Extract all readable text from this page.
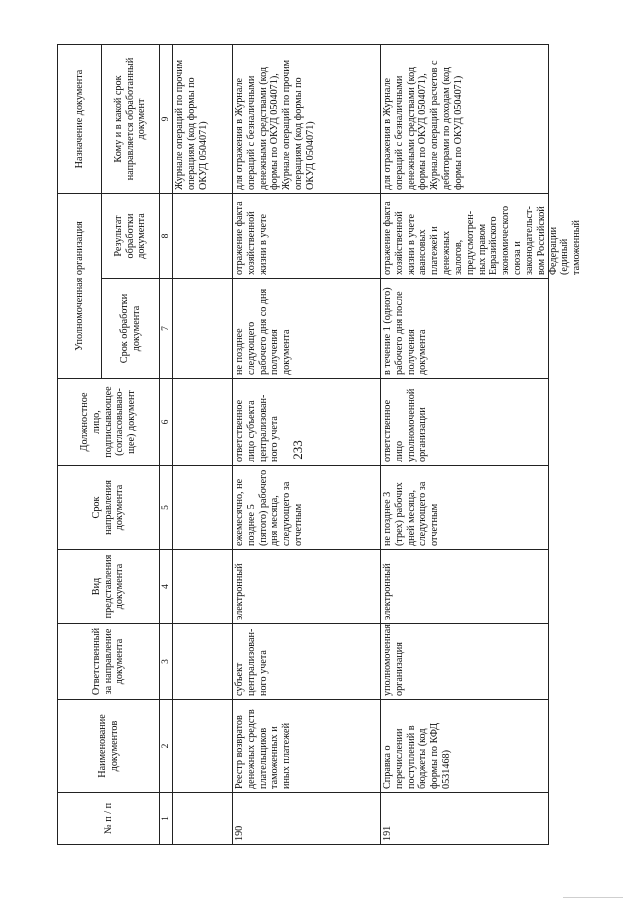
233
№ п / п	Наименование документов	Ответственный за направление документа	Вид представления документа	Срок направления документа	Должностное лицо, подписывающее (согласовываю-щее) документ	Уполномоченная организация		Назначение документа
						Срок обработки документа	Результат обработки документа	Кому и в какой срок направляется обработанный документ
1	2	3	4	5	6	7	8	9
								Журнале операций по прочим операциям (код формы по ОКУД 0504071)
190	Реестр возвратов денежных средств плательщиков таможенных и иных платежей	субъект централизован-ного учета	электронный	ежемесячно, не позднее 5 (пятого) рабочего дня месяца, следующего за отчетным	ответственное лицо субъекта централизован-ного учета	не позднее следующего рабочего дня со дня получения документа	отражение факта хозяйственной жизни в учете	для отражения в Журнале операций с безналичными денежными средствами (код формы по ОКУД 0504071), Журнале операций по прочим операциям (код формы по ОКУД 0504071)
191	Справка о перечислении поступлений в бюджеты (код формы по КФД 0531468)	уполномоченная организация	электронный	не позднее 3 (трех) рабочих дней месяца, следующего за отчетным	ответственное лицо уполномоченной организации	в течение 1 (одного) рабочего дня после получения документа	отражение факта хозяйственной жизни в учете авансовых платежей и денежных залогов, предусмотрен-ных правом Евразийского экономического союза и законодательст-вом Российской Федерации (единый таможенный	для отражения в Журнале операций с безналичными денежными средствами (код формы по ОКУД 0504071), Журнале операций расчетов с дебиторами по доходам (код формы по ОКУД 0504071)
